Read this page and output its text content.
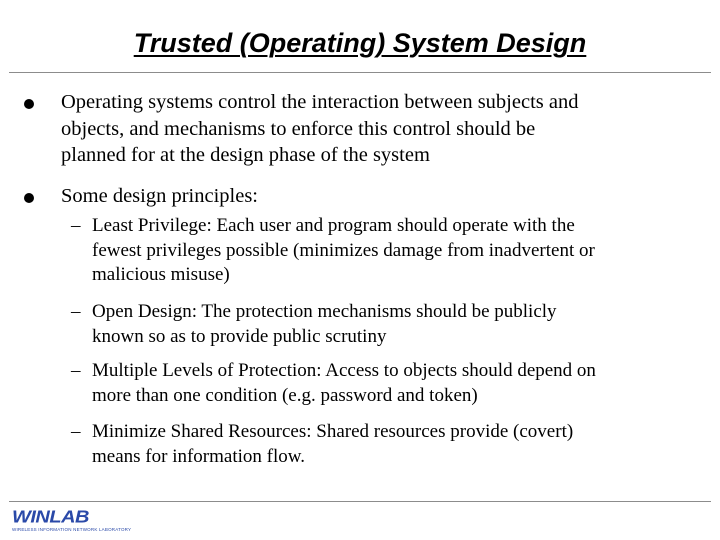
Trusted (Operating) System Design
Operating systems control the interaction between subjects and
objects, and mechanisms to enforce this control should be
planned for at the design phase of the system
Some design principles:
– Least Privilege: Each user and program should operate with the
fewest privileges possible (minimizes damage from inadvertent or
malicious misuse)
– Open Design: The protection mechanisms should be publicly
known so as to provide public scrutiny
– Multiple Levels of Protection: Access to objects should depend on
more than one condition (e.g. password and token)
– Minimize Shared Resources: Shared resources provide (covert)
means for information flow.
WINLAB
WIRELESS INFORMATION NETWORK LABORATORY
